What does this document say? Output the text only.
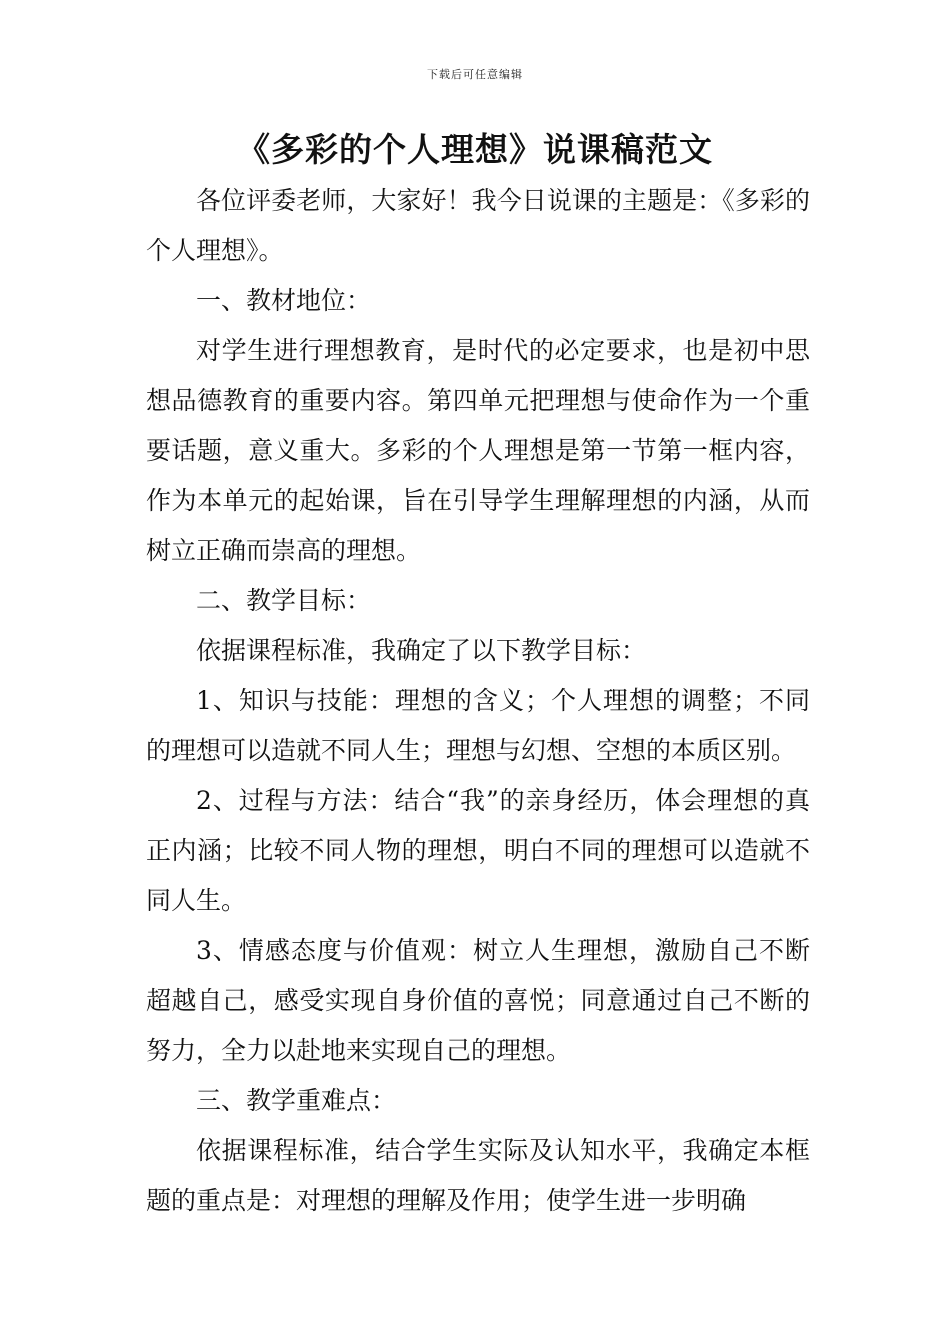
下载后可任意编辑
《多彩的个人理想》说课稿范文

各位评委老师，大家好！我今日说课的主题是：《多彩的个人理想》。

一、教材地位：

对学生进行理想教育，是时代的必定要求，也是初中思想品德教育的重要内容。第四单元把理想与使命作为一个重要话题，意义重大。多彩的个人理想是第一节第一框内容，作为本单元的起始课，旨在引导学生理解理想的内涵，从而树立正确而崇高的理想。

二、教学目标：

依据课程标准，我确定了以下教学目标：

1、知识与技能：理想的含义；个人理想的调整；不同的理想可以造就不同人生；理想与幻想、空想的本质区别。

2、过程与方法：结合“我”的亲身经历，体会理想的真正内涵；比较不同人物的理想，明白不同的理想可以造就不同人生。

3、情感态度与价值观：树立人生理想，激励自己不断超越自己，感受实现自身价值的喜悦；同意通过自己不断的努力，全力以赴地来实现自己的理想。

三、教学重难点：

依据课程标准，结合学生实际及认知水平，我确定本框题的重点是：对理想的理解及作用；使学生进一步明确
